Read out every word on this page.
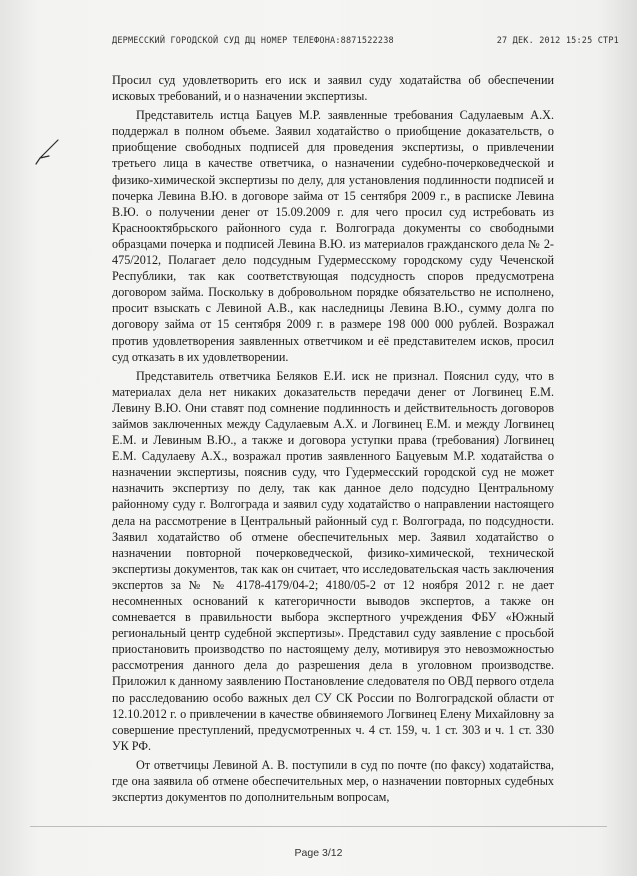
ДЕРМЕССКИЙ ГОРОДСКОЙ СУД ДЦ НОМЕР ТЕЛЕФОНА:8871522238	27 ДЕК. 2012 15:25 СТР1

Просил суд удовлетворить его иск и заявил суду ходатайства об обеспечении исковых требований, и о назначении экспертизы.

Представитель истца Бацуев М.Р. заявленные требования Садулаевым А.Х. поддержал в полном объеме. Заявил ходатайство о приобщение доказательств, о приобщение свободных подписей для проведения экспертизы, о привлечении третьего лица в качестве ответчика, о назначении судебно-почерковедческой и физико-химической экспертизы по делу, для установления подлинности подписей и почерка Левина В.Ю. в договоре займа от 15 сентября 2009 г., в расписке Левина В.Ю. о получении денег от 15.09.2009 г. для чего просил суд истребовать из Краснооктябрьского районного суда г. Волгограда документы со свободными образцами почерка и подписей Левина В.Ю. из материалов гражданского дела № 2-475/2012, Полагает дело подсудным Гудермесскому городскому суду Чеченской Республики, так как соответствующая подсудность споров предусмотрена договором займа. Поскольку в добровольном порядке обязательство не исполнено, просит взыскать с Левиной А.В., как наследницы Левина В.Ю., сумму долга по договору займа от 15 сентября 2009 г. в размере 198 000 000 рублей. Возражал против удовлетворения заявленных ответчиком и её представителем исков, просил суд отказать в их удовлетворении.

Представитель ответчика Беляков Е.И. иск не признал. Пояснил суду, что в материалах дела нет никаких доказательств передачи денег от Логвинец Е.М. Левину В.Ю. Они ставят под сомнение подлинность и действительность договоров займов заключенных между Садулаевым А.Х. и Логвинец Е.М. и между Логвинец Е.М. и Левиным В.Ю., а также и договора уступки права (требования) Логвинец Е.М. Садулаеву А.Х., возражал против заявленного Бацуевым М.Р. ходатайства о назначении экспертизы, пояснив суду, что Гудермесский городской суд не может назначить экспертизу по делу, так как данное дело подсудно Центральному районному суду г. Волгограда и заявил суду ходатайство о направлении настоящего дела на рассмотрение в Центральный районный суд г. Волгограда, по подсудности. Заявил ходатайство об отмене обеспечительных мер. Заявил ходатайство о назначении повторной почерковедческой, физико-химической, технической экспертизы документов, так как он считает, что исследовательская часть заключения экспертов за № № 4178-4179/04-2; 4180/05-2 от 12 ноября 2012 г. не дает несомненных оснований к категоричности выводов экспертов, а также он сомневается в правильности выбора экспертного учреждения ФБУ «Южный региональный центр судебной экспертизы». Представил суду заявление с просьбой приостановить производство по настоящему делу, мотивируя это невозможностью рассмотрения данного дела до разрешения дела в уголовном производстве. Приложил к данному заявлению Постановление следователя по ОВД первого отдела по расследованию особо важных дел СУ СК России по Волгоградской области от 12.10.2012 г. о привлечении в качестве обвиняемого Логвинец Елену Михайловну за совершение преступлений, предусмотренных ч. 4 ст. 159, ч. 1 ст. 303 и ч. 1 ст. 330 УК РФ.

От ответчицы Левиной А. В. поступили в суд по почте (по факсу) ходатайства, где она заявила об отмене обеспечительных мер, о назначении повторных судебных экспертиз документов по дополнительным вопросам,

Page 3/12
